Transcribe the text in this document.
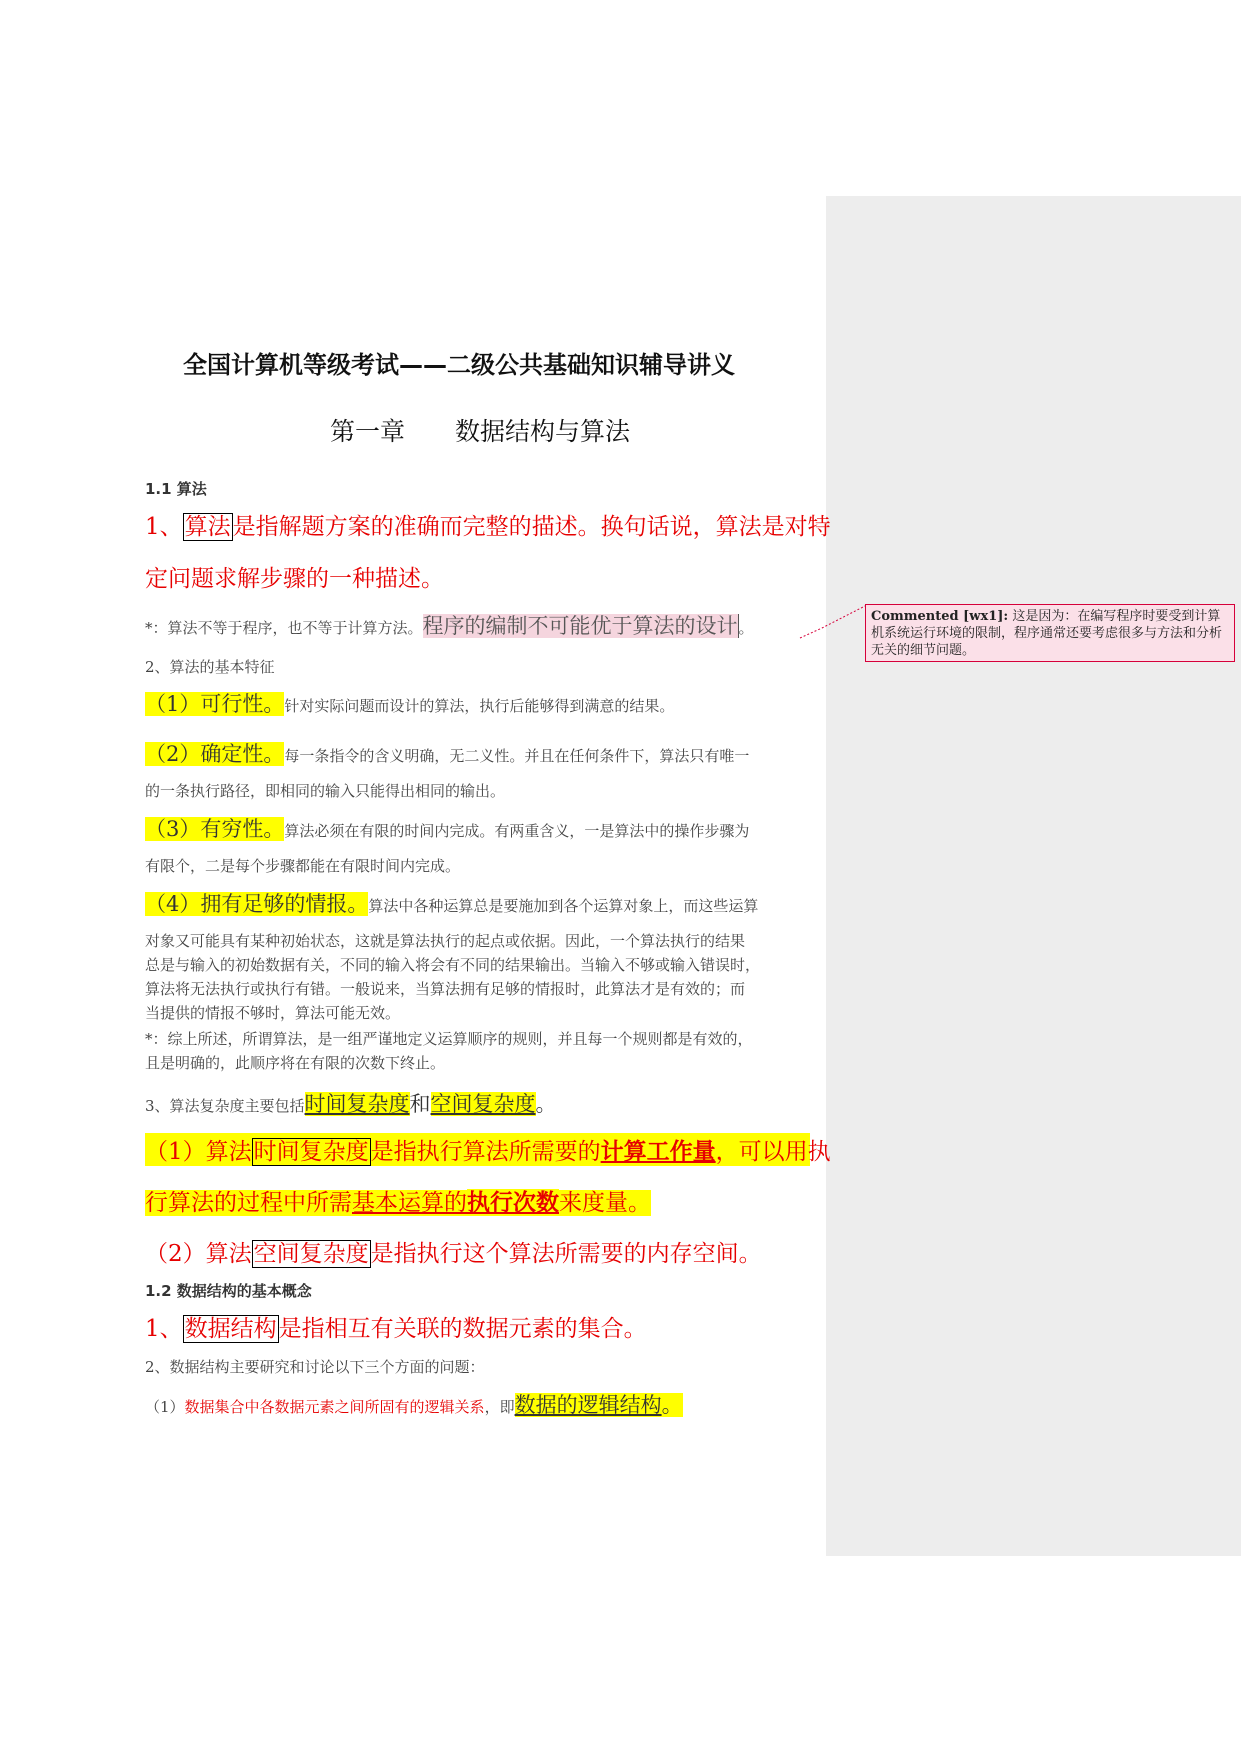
全国计算机等级考试——二级公共基础知识辅导讲义
第一章　　数据结构与算法
1.1 算法
1、算法是指解题方案的准确而完整的描述。换句话说，算法是对特
定问题求解步骤的一种描述。
*：算法不等于程序，也不等于计算方法。程序的编制不可能优于算法的设计。
2、算法的基本特征
（1）可行性。针对实际问题而设计的算法，执行后能够得到满意的结果。
（2）确定性。每一条指令的含义明确，无二义性。并且在任何条件下，算法只有唯一
的一条执行路径，即相同的输入只能得出相同的输出。
（3）有穷性。算法必须在有限的时间内完成。有两重含义，一是算法中的操作步骤为
有限个，二是每个步骤都能在有限时间内完成。
（4）拥有足够的情报。算法中各种运算总是要施加到各个运算对象上，而这些运算
对象又可能具有某种初始状态，这就是算法执行的起点或依据。因此，一个算法执行的结果
总是与输入的初始数据有关，不同的输入将会有不同的结果输出。当输入不够或输入错误时，
算法将无法执行或执行有错。一般说来，当算法拥有足够的情报时，此算法才是有效的；而
当提供的情报不够时，算法可能无效。
*：综上所述，所谓算法，是一组严谨地定义运算顺序的规则，并且每一个规则都是有效的，
且是明确的，此顺序将在有限的次数下终止。
3、算法复杂度主要包括时间复杂度和空间复杂度。
（1）算法时间复杂度是指执行算法所需要的计算工作量，可以用执
行算法的过程中所需基本运算的执行次数来度量。
（2）算法空间复杂度是指执行这个算法所需要的内存空间。
1.2 数据结构的基本概念
1、数据结构是指相互有关联的数据元素的集合。
2、数据结构主要研究和讨论以下三个方面的问题：
（1）数据集合中各数据元素之间所固有的逻辑关系，即数据的逻辑结构。
Commented [wx1]: 这是因为：在编写程序时要受到计算机系统运行环境的限制，程序通常还要考虑很多与方法和分析无关的细节问题。
